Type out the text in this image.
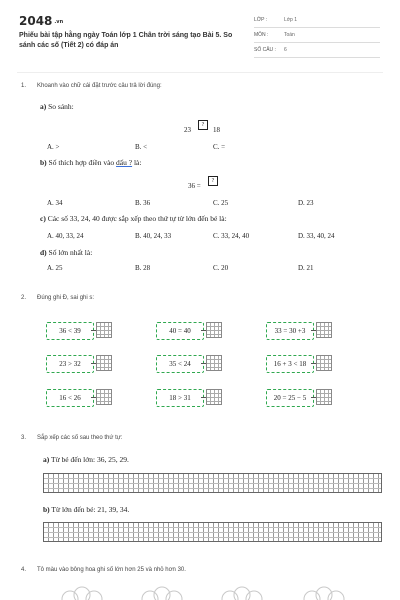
2048 .vn
Phiếu bài tập hằng ngày Toán lớp 1 Chân trời sáng tạo Bài 5. So sánh các số (Tiết 2) có đáp án
LỚP :	Lớp 1
MÔN :	Toán
SỐ CÂU : 6
1. Khoanh vào chữ cái đặt trước câu trả lời đúng:
a) So sánh:
23
?
18
A. >	B. <	C. =
b) Số thích hợp điền vào dấu ? là:
36 =
?
A. 34	B. 36	C. 25	D. 23
c) Các số 33, 24, 40 được sắp xếp theo thứ tự từ lớn đến bé là:
A. 40, 33, 24	B. 40, 24, 33	C. 33, 24, 40	D. 33, 40, 24
d) Số lớn nhất là:
A. 25	B. 28	C. 20	D. 21
2. Đúng ghi Đ, sai ghi s:
36 < 39	40 = 40	33 = 30 +3
23 > 32	35 < 24	16 + 3 < 18
16 < 26	18 > 31	20 = 25 − 5
3. Sắp xếp các số sau theo thứ tự:
a) Từ bé đến lớn: 36, 25, 29.
b) Từ lớn đến bé: 21, 39, 34.
4. Tô màu vào bông hoa ghi số lớn hơn 25 và nhỏ hơn 30.
